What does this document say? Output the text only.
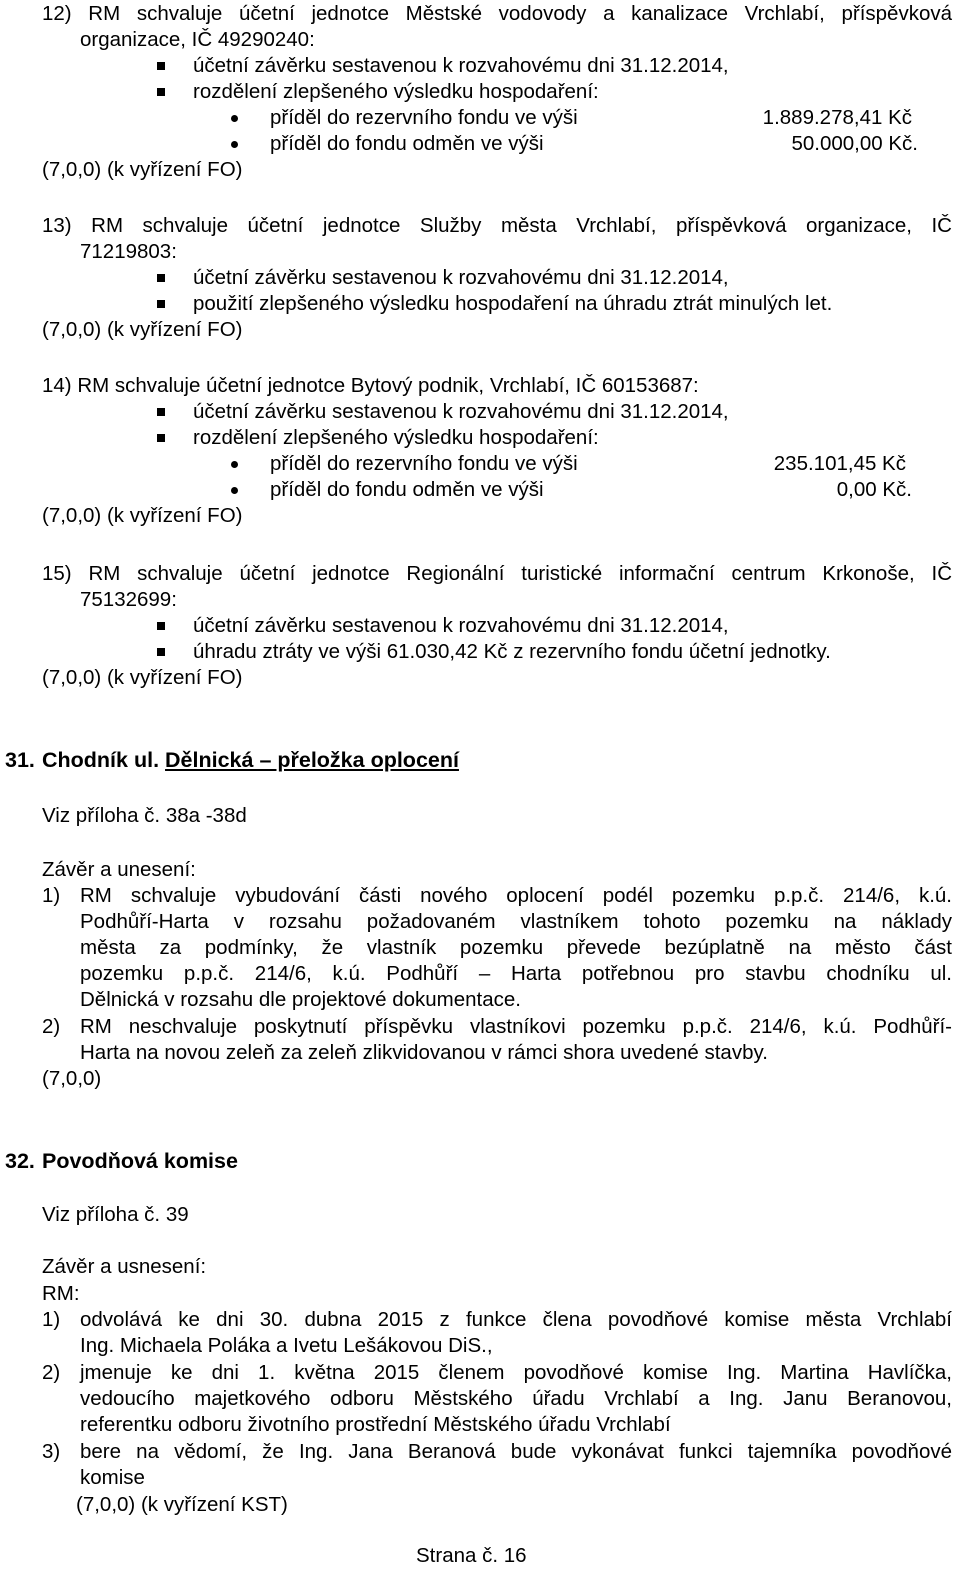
12) RM schvaluje účetní jednotce Městské vodovody a kanalizace Vrchlabí, příspěvková
organizace, IČ 49290240:
účetní závěrku sestavenou k rozvahovému dni 31.12.2014,
rozdělení zlepšeného výsledku hospodaření:
příděl do rezervního fondu ve výši	1.889.278,41 Kč
příděl do fondu odměn ve výši	50.000,00 Kč.
(7,0,0) (k vyřízení FO)
13) RM schvaluje účetní jednotce Služby města Vrchlabí, příspěvková organizace, IČ
71219803:
účetní závěrku sestavenou k rozvahovému dni 31.12.2014,
použití zlepšeného výsledku hospodaření na úhradu ztrát minulých let.
(7,0,0) (k vyřízení FO)
14) RM schvaluje účetní jednotce Bytový podnik, Vrchlabí, IČ 60153687:
účetní závěrku sestavenou k rozvahovému dni 31.12.2014,
rozdělení zlepšeného výsledku hospodaření:
příděl do rezervního fondu ve výši	235.101,45 Kč
příděl do fondu odměn ve výši	0,00 Kč.
(7,0,0) (k vyřízení FO)
15) RM schvaluje účetní jednotce Regionální turistické informační centrum Krkonoše, IČ
75132699:
účetní závěrku sestavenou k rozvahovému dni 31.12.2014,
úhradu ztráty ve výši 61.030,42 Kč z rezervního fondu účetní jednotky.
(7,0,0) (k vyřízení FO)
31. Chodník ul. Dělnická – přeložka oplocení
Viz příloha č. 38a -38d
Závěr a unesení:
1) RM schvaluje vybudování části nového oplocení podél pozemku p.p.č. 214/6, k.ú.
Podhůří-Harta v rozsahu požadovaném vlastníkem tohoto pozemku na náklady
města za podmínky, že vlastník pozemku převede bezúplatně na město část
pozemku p.p.č. 214/6, k.ú. Podhůří – Harta potřebnou pro stavbu chodníku ul.
Dělnická v rozsahu dle projektové dokumentace.
2) RM neschvaluje poskytnutí příspěvku vlastníkovi pozemku p.p.č. 214/6, k.ú. Podhůří-
Harta na novou zeleň za zeleň zlikvidovanou v rámci shora uvedené stavby.
(7,0,0)
32. Povodňová komise
Viz příloha č. 39
Závěr a usnesení:
RM:
1) odvolává ke dni 30. dubna 2015 z funkce člena povodňové komise města Vrchlabí
Ing. Michaela Poláka a Ivetu Lešákovou DiS.,
2) jmenuje ke dni 1. května 2015 členem povodňové komise Ing. Martina Havlíčka,
vedoucího majetkového odboru Městského úřadu Vrchlabí a Ing. Janu Beranovou,
referentku odboru životního prostřední Městského úřadu Vrchlabí
3) bere na vědomí, že Ing. Jana Beranová bude vykonávat funkci tajemníka povodňové
komise
(7,0,0) (k vyřízení KST)
Strana č. 16
